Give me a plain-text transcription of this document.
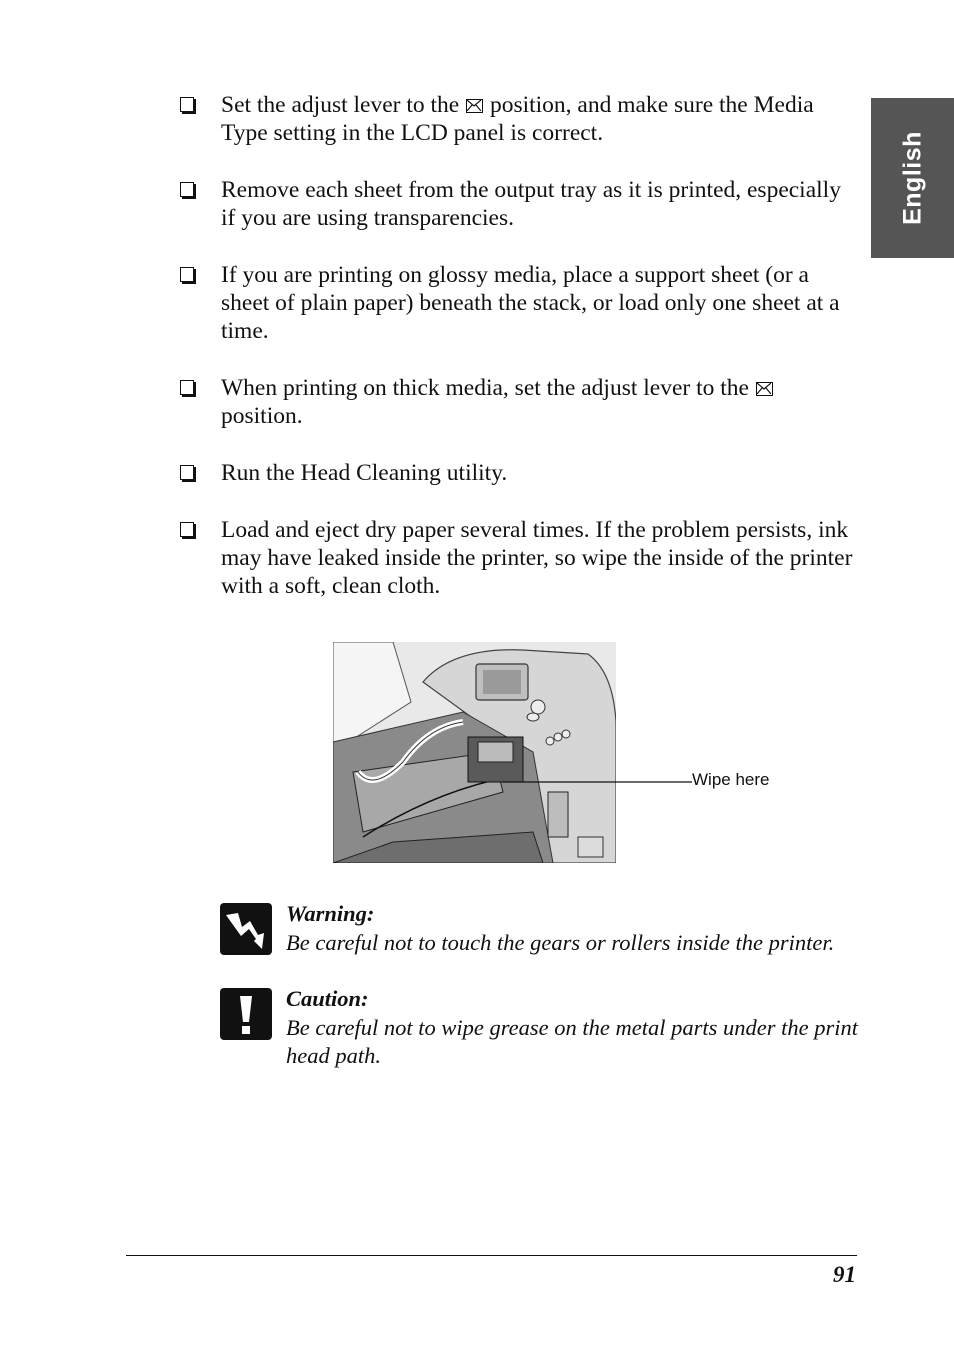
English
Set the adjust lever to the
position, and make sure the Media Type setting in the LCD panel is correct.
Remove each sheet from the output tray as it is printed, especially if you are using transparencies.
If you are printing on glossy media, place a support sheet (or a sheet of plain paper) beneath the stack, or load only one sheet at a time.
When printing on thick media, set the adjust lever to the
position.
Run the Head Cleaning utility.
Load and eject dry paper several times. If the problem persists, ink may have leaked inside the printer, so wipe the inside of the printer with a soft, clean cloth.
Wipe here
Warning:
Be careful not to touch the gears or rollers inside the printer.
Caution:
Be careful not to wipe grease on the metal parts under the print head path.
91
